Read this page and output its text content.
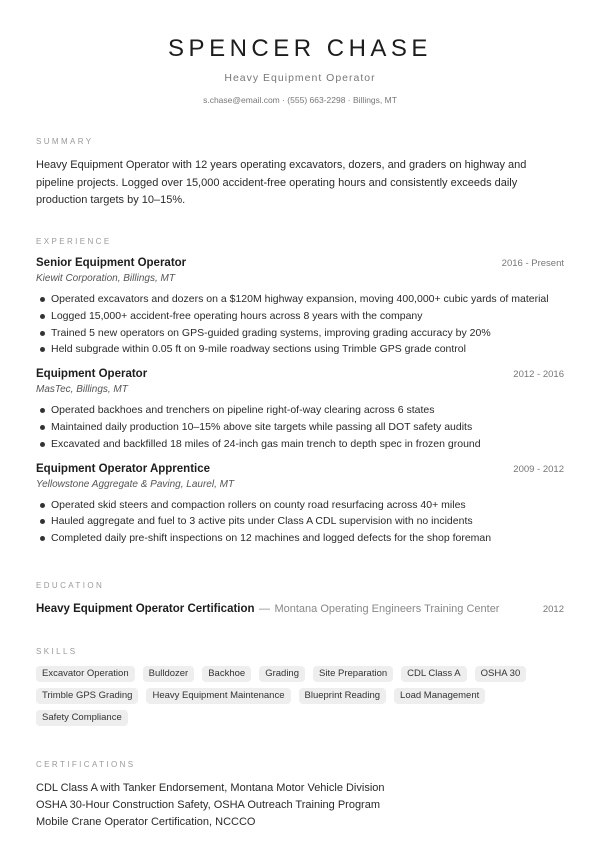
SPENCER CHASE
Heavy Equipment Operator
s.chase@email.com · (555) 663-2298 · Billings, MT
SUMMARY
Heavy Equipment Operator with 12 years operating excavators, dozers, and graders on highway and pipeline projects. Logged over 15,000 accident-free operating hours and consistently exceeds daily production targets by 10–15%.
EXPERIENCE
Senior Equipment Operator	2016 - Present
Kiewit Corporation, Billings, MT
Operated excavators and dozers on a $120M highway expansion, moving 400,000+ cubic yards of material
Logged 15,000+ accident-free operating hours across 8 years with the company
Trained 5 new operators on GPS-guided grading systems, improving grading accuracy by 20%
Held subgrade within 0.05 ft on 9-mile roadway sections using Trimble GPS grade control
Equipment Operator	2012 - 2016
MasTec, Billings, MT
Operated backhoes and trenchers on pipeline right-of-way clearing across 6 states
Maintained daily production 10–15% above site targets while passing all DOT safety audits
Excavated and backfilled 18 miles of 24-inch gas main trench to depth spec in frozen ground
Equipment Operator Apprentice	2009 - 2012
Yellowstone Aggregate & Paving, Laurel, MT
Operated skid steers and compaction rollers on county road resurfacing across 40+ miles
Hauled aggregate and fuel to 3 active pits under Class A CDL supervision with no incidents
Completed daily pre-shift inspections on 12 machines and logged defects for the shop foreman
EDUCATION
Heavy Equipment Operator Certification — Montana Operating Engineers Training Center	2012
SKILLS
Excavator Operation	Bulldozer	Backhoe	Grading	Site Preparation	CDL Class A	OSHA 30
Trimble GPS Grading	Heavy Equipment Maintenance	Blueprint Reading	Load Management
Safety Compliance
CERTIFICATIONS
CDL Class A with Tanker Endorsement, Montana Motor Vehicle Division
OSHA 30-Hour Construction Safety, OSHA Outreach Training Program
Mobile Crane Operator Certification, NCCCO
